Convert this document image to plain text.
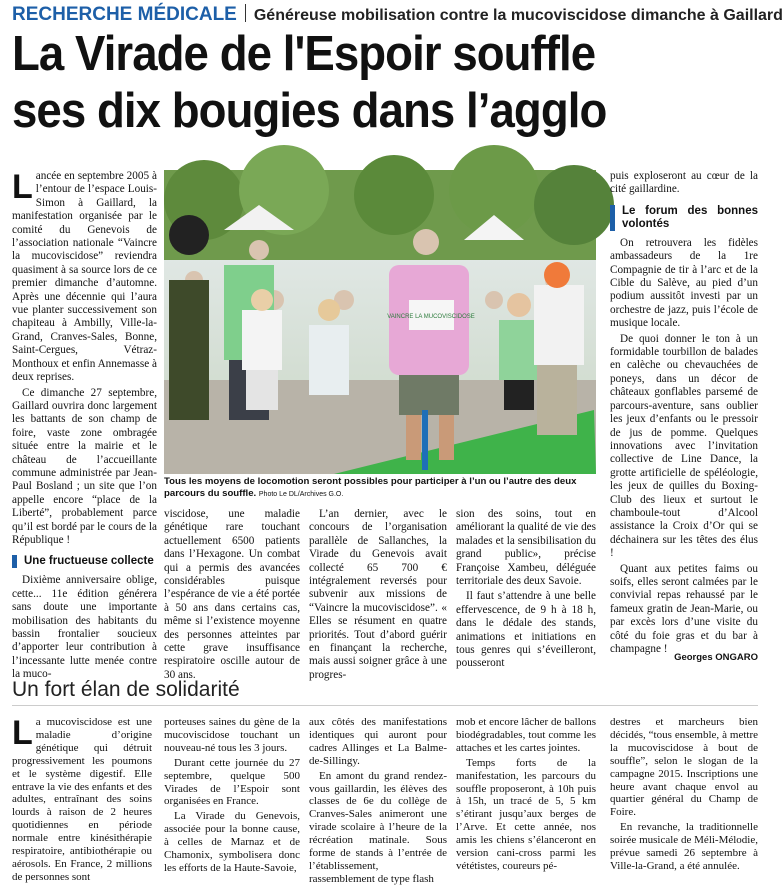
RECHERCHE MÉDICALE Généreuse mobilisation contre la mucoviscidose dimanche à Gaillard
La Virade de l'Espoir souffle
ses dix bougies dans l’agglo

Lancée en septembre 2005 à l’entour de l’espace Louis-Simon à Gaillard, la manifestation organisée par le comité du Genevois de l’association nationale “Vaincre la mucoviscidose” reviendra quasiment à sa source lors de ce premier dimanche d’automne. Après une décennie qui l’aura vue planter successivement son chapiteau à Ambilly, Ville-la-Grand, Cranves-Sales, Bonne, Saint-Cergues, Vétraz-Monthoux et enfin Annemasse à deux reprises.

Ce dimanche 27 septembre, Gaillard ouvrira donc largement les battants de son champ de foire, vaste zone ombragée située entre la mairie et le château de l’accueillante commune administrée par Jean-Paul Bosland ; un site que l’on appelle encore “place de la Liberté”, probablement parce qu’il est bordé par le cours de la République !

Une fructueuse collecte

Dixième anniversaire oblige, cette... 11e édition générera sans doute une importante mobilisation des habitants du bassin frontalier soucieux d’apporter leur contribution à l’incessante lutte menée contre la muco-

VAINCRE LA MUCOVISCIDOSE
Tous les moyens de locomotion seront possibles pour participer à l’un ou l’autre des deux parcours du souffle. Photo Le DL/Archives G.O.

viscidose, une maladie génétique rare touchant actuellement 6500 patients dans l’Hexagone. Un combat qui a permis des avancées considérables puisque l’espérance de vie a été portée à 50 ans dans certains cas, même si l’existence moyenne des personnes atteintes par cette grave insuffisance respiratoire oscille autour de 30 ans.

L’an dernier, avec le concours de l’organisation parallèle de Sallanches, la Virade du Genevois avait collecté 65 700 € intégralement reversés pour subvenir aux missions de “Vaincre la mucoviscidose”. « Elles se résument en quatre priorités. Tout d’abord guérir en finançant la recherche, mais aussi soigner grâce à une progres-

sion des soins, tout en améliorant la qualité de vie des malades et la sensibilisation du grand public», précise Françoise Xambeu, déléguée territoriale des deux Savoie.

Il faut s’attendre à une belle effervescence, de 9 h à 18 h, dans le dédale des stands, animations et initiations en tous genres qui s’éveilleront, pousseront

puis exploseront au cœur de la cité gaillardine.

Le forum des bonnes volontés

On retrouvera les fidèles ambassadeurs de la 1re Compagnie de tir à l’arc et de la Cible du Salève, au pied d’un podium aussitôt investi par un orchestre de jazz, puis l’école de musique locale.

De quoi donner le ton à un formidable tourbillon de balades en calèche ou chevauchées de poneys, dans un décor de châteaux gonflables parsemé de parcours-aventure, sans oublier les jeux d’enfants ou le pressoir de jus de pomme. Quelques innovations avec l’invitation collective de Line Dance, la grotte artificielle de spéléologie, les jeux de quilles du Boxing-Club des lieux et surtout le chamboule-tout d’Alcool assistance la Croix d’Or qui se déchainera sur les têtes des élus !

Quant aux petites faims ou soifs, elles seront calmées par le convivial repas rehaussé par le fameux gratin de Jean-Marie, ou par excès lors d’une visite du côté du foie gras et du bar à champagne !

Georges ONGARO
Un fort élan de solidarité

La mucoviscidose est une maladie d’origine génétique qui détruit progressivement les poumons et le système digestif. Elle entrave la vie des enfants et des adultes, entraînant des soins lourds à raison de 2 heures quotidiennes en période normale entre kinésithérapie respiratoire, antibiothérapie ou aérosols. En France, 2 millions de personnes sont

porteuses saines du gène de la mucoviscidose touchant un nouveau-né tous les 3 jours.

Durant cette journée du 27 septembre, quelque 500 Virades de l’Espoir sont organisées en France.

La Virade du Genevois, associée pour la bonne cause, à celles de Marnaz et de Chamonix, symbolisera donc les efforts de la Haute-Savoie,

aux côtés des manifestations identiques qui auront pour cadres Allinges et La Balme-de-Sillingy.

En amont du grand rendez-vous gaillardin, les élèves des classes de 6e du collège de Cranves-Sales animeront une virade scolaire à l’heure de la récréation matinale. Sous forme de stands à l’entrée de l’établissement, rassemblement de type flash

mob et encore lâcher de ballons biodégradables, tout comme les attaches et les cartes jointes.

Temps forts de la manifestation, les parcours du souffle proposeront, à 10h puis à 15h, un tracé de 5, 5 km s’étirant jusqu’aux berges de l’Arve. Et cette année, nos amis les chiens s’élanceront en version cani-cross parmi les vététistes, coureurs pé-

destres et marcheurs bien décidés, “tous ensemble, à mettre la mucoviscidose à bout de souffle”, selon le slogan de la campagne 2015. Inscriptions une heure avant chaque envol au quartier général du Champ de Foire.

En revanche, la traditionnelle soirée musicale de Méli-Mélodie, prévue samedi 26 septembre à Ville-la-Grand, a été annulée.
